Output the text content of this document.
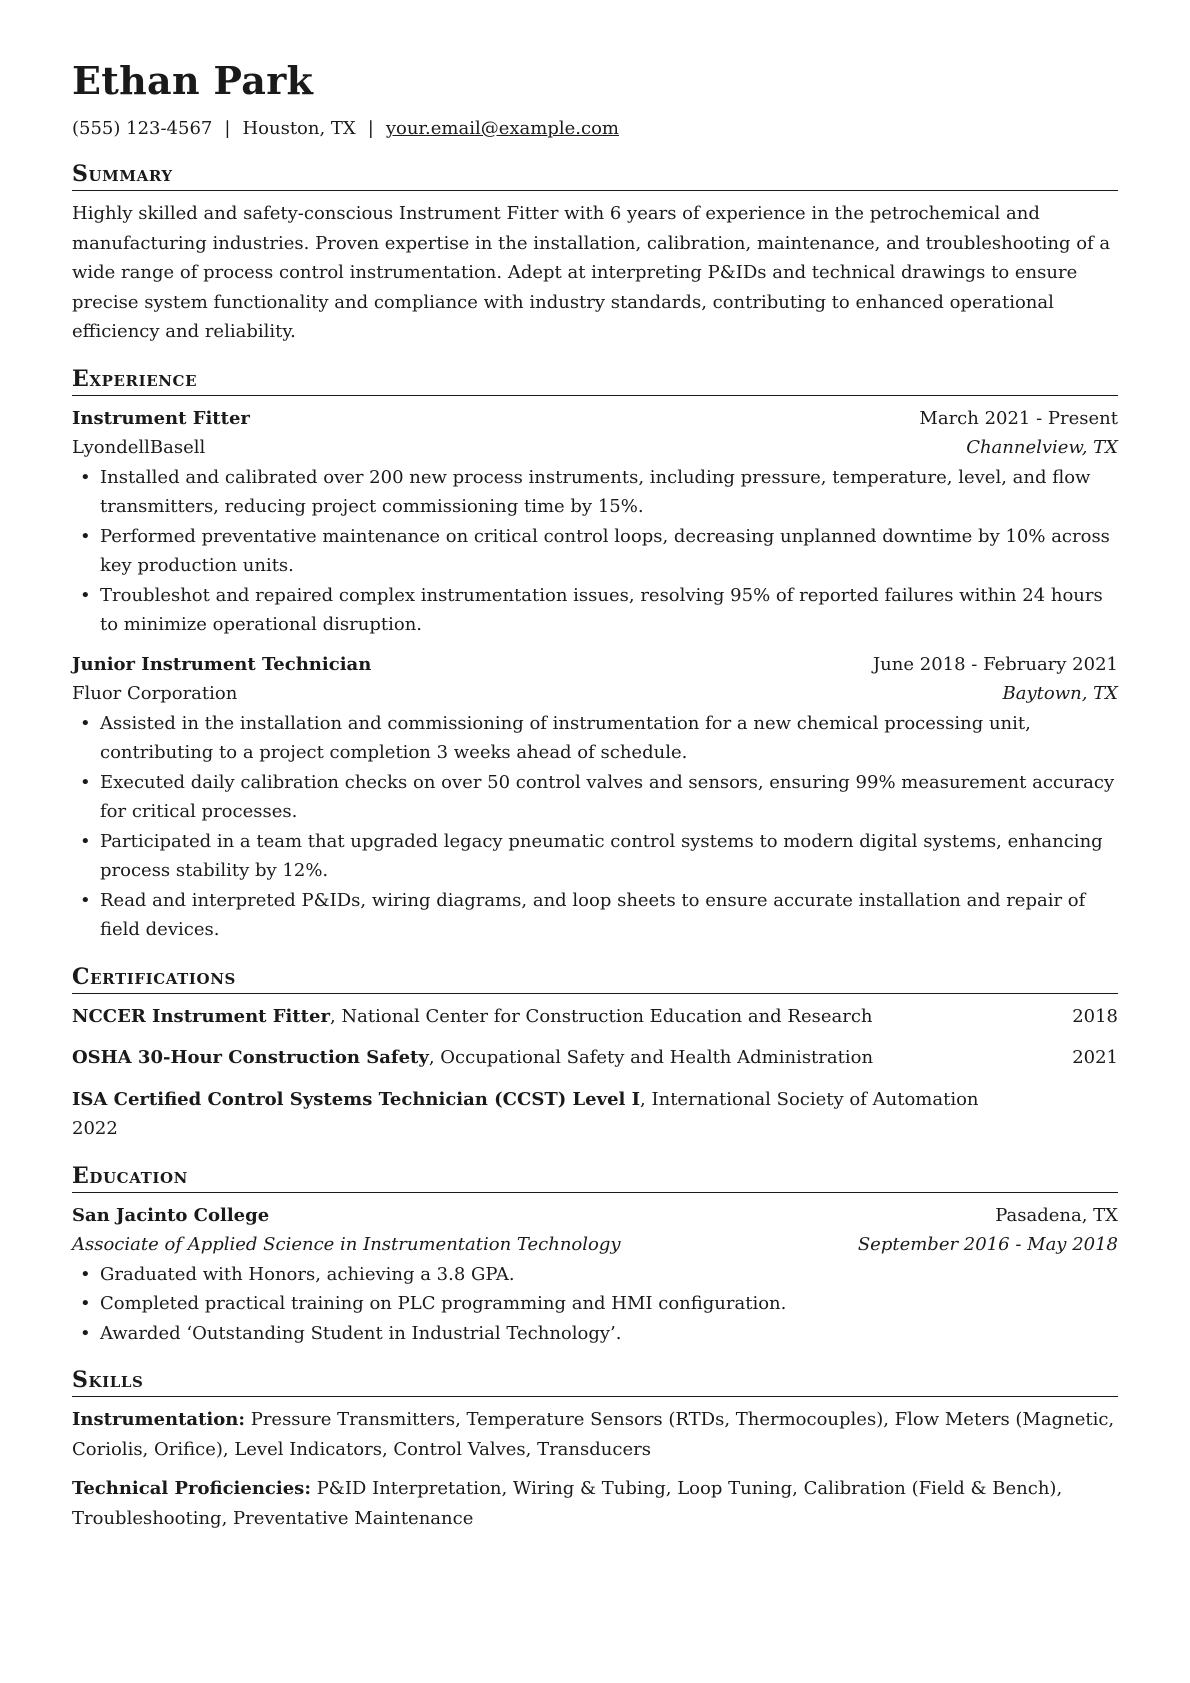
Ethan Park
(555) 123-4567 | Houston, TX | your.email@example.com
Summary

Highly skilled and safety-conscious Instrument Fitter with 6 years of experience in the petrochemical and manufacturing industries. Proven expertise in the installation, calibration, maintenance, and troubleshooting of a wide range of process control instrumentation. Adept at interpreting P&IDs and technical drawings to ensure precise system functionality and compliance with industry standards, contributing to enhanced operational efficiency and reliability.

Experience
Instrument Fitter	March 2021 - Present
LyondellBasell	Channelview, TX
• Installed and calibrated over 200 new process instruments, including pressure, temperature, level, and flow transmitters, reducing project commissioning time by 15%.
• Performed preventative maintenance on critical control loops, decreasing unplanned downtime by 10% across key production units.
• Troubleshot and repaired complex instrumentation issues, resolving 95% of reported failures within 24 hours to minimize operational disruption.
Junior Instrument Technician	June 2018 - February 2021
Fluor Corporation	Baytown, TX
• Assisted in the installation and commissioning of instrumentation for a new chemical processing unit, contributing to a project completion 3 weeks ahead of schedule.
• Executed daily calibration checks on over 50 control valves and sensors, ensuring 99% measurement accuracy for critical processes.
• Participated in a team that upgraded legacy pneumatic control systems to modern digital systems, enhancing process stability by 12%.
• Read and interpreted P&IDs, wiring diagrams, and loop sheets to ensure accurate installation and repair of field devices.
Certifications
NCCER Instrument Fitter, National Center for Construction Education and Research	2018
OSHA 30-Hour Construction Safety, Occupational Safety and Health Administration	2021
ISA Certified Control Systems Technician (CCST) Level I, International Society of Automation
2022
Education
San Jacinto College	Pasadena, TX
Associate of Applied Science in Instrumentation Technology	September 2016 - May 2018
• Graduated with Honors, achieving a 3.8 GPA.
• Completed practical training on PLC programming and HMI configuration.
• Awarded ‘Outstanding Student in Industrial Technology’.
Skills
Instrumentation: Pressure Transmitters, Temperature Sensors (RTDs, Thermocouples), Flow Meters (Magnetic, Coriolis, Orifice), Level Indicators, Control Valves, Transducers
Technical Proficiencies: P&ID Interpretation, Wiring & Tubing, Loop Tuning, Calibration (Field & Bench), Troubleshooting, Preventative Maintenance
